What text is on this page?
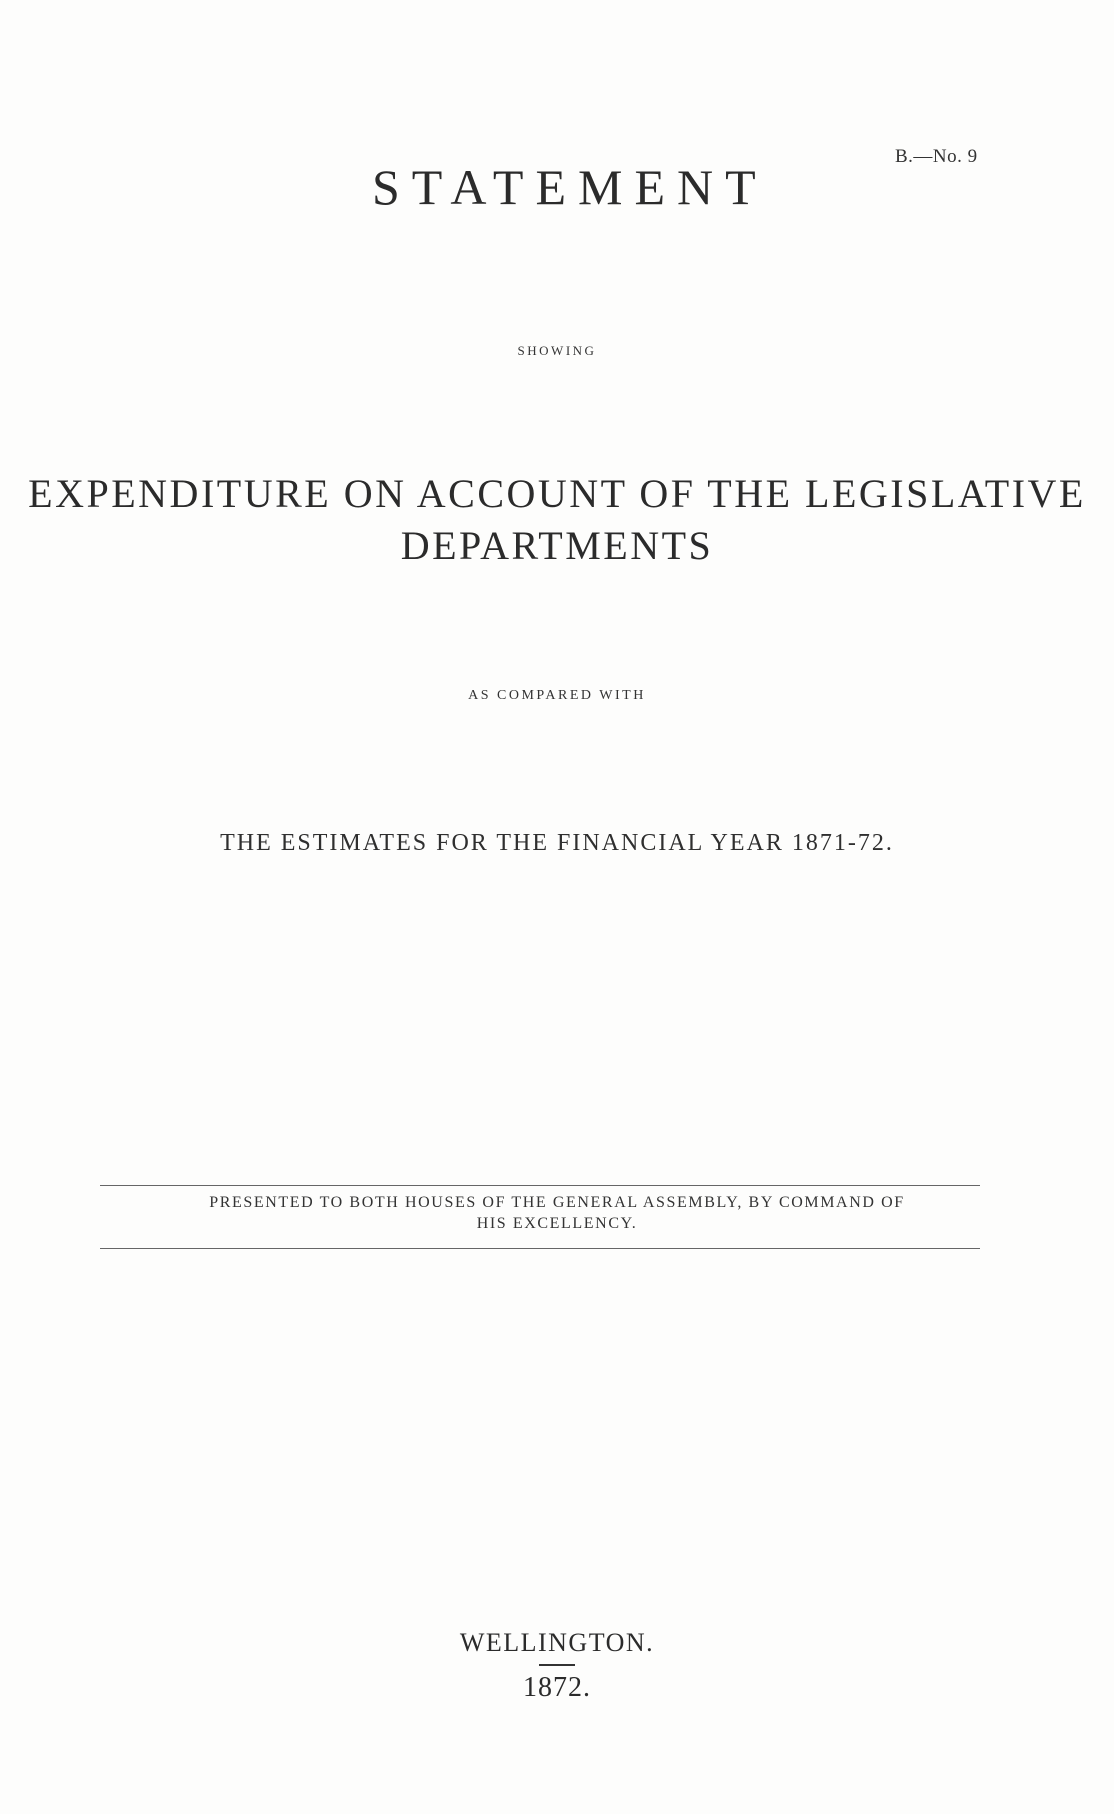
B.—No. 9
STATEMENT
SHOWING
EXPENDITURE ON ACCOUNT OF THE LEGISLATIVE
DEPARTMENTS
AS COMPARED WITH
THE ESTIMATES FOR THE FINANCIAL YEAR 1871-72.
PRESENTED TO BOTH HOUSES OF THE GENERAL ASSEMBLY, BY COMMAND OF
HIS EXCELLENCY.
WELLINGTON.
1872.
